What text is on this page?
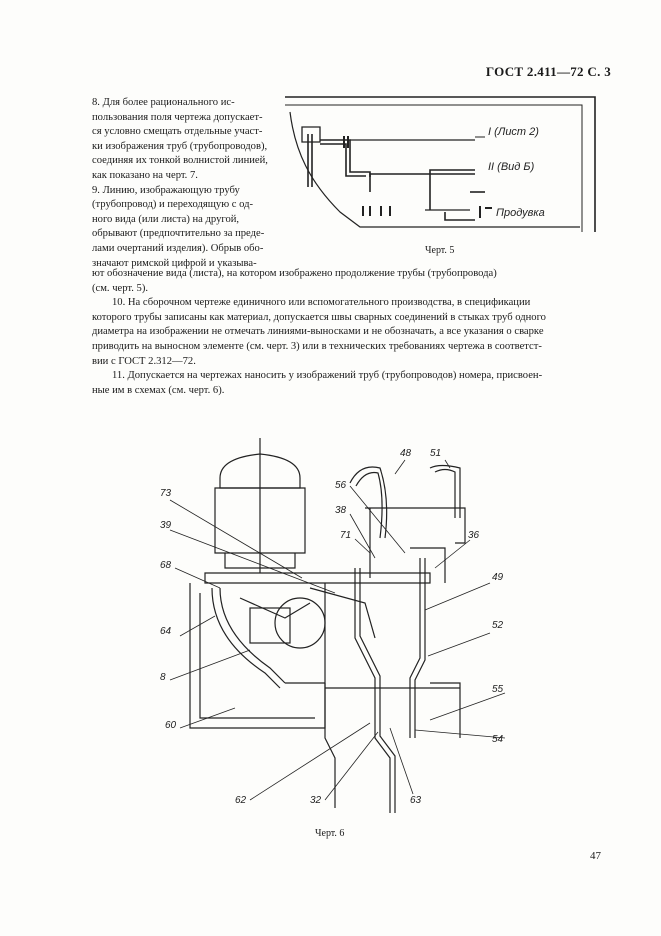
ГОСТ 2.411—72 С. 3

8. Для более рационального ис-

пользования поля чертежа допускает-

ся условно смещать отдельные участ-

ки изображения труб (трубопроводов),

соединяя их тонкой волнистой линией,

как показано на черт. 7.

9. Линию, изображающую трубу

(трубопровод) и переходящую с од-

ного вида (или листа) на другой,

обрывают (предпочтительно за преде-

лами очертаний изделия). Обрыв обо-

значают римской цифрой и указыва-

ют обозначение вида (листа), на котором изображено продолжение трубы (трубопровода)

(см. черт. 5).

10. На сборочном чертеже единичного или вспомогательного производства, в спецификации

которого трубы записаны как материал, допускается швы сварных соединений в стыках труб одного

диаметра на изображении не отмечать линиями-выносками и не обозначать, а все указания о сварке

приводить на выносном элементе (см. черт. 3) или в технических требованиях чертежа в соответст-

вии с ГОСТ 2.312—72.

11. Допускается на чертежах наносить у изображений труб (трубопроводов) номера, присвоен-

ные им в схемах (см. черт. 6).

I (Лист 2)
II (Вид Б)
Продувка
Черт. 5
48 51
73
56
38
36
39
71
68
49
52
64
8
55
60
54
62	32	63
Черт. 6
47
